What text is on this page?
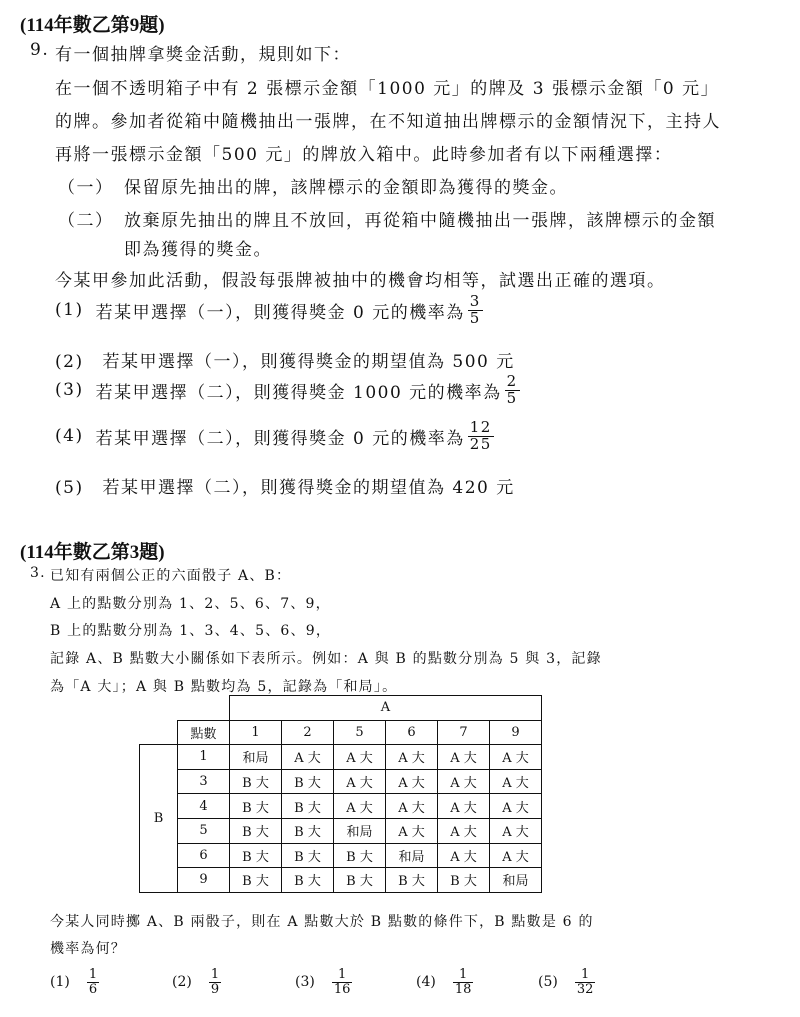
(114年數乙第9題)
9. 有一個抽牌拿獎金活動，規則如下：
在一個不透明箱子中有 2 張標示金額「1000 元」的牌及 3 張標示金額「0 元」
的牌。參加者從箱中隨機抽出一張牌，在不知道抽出牌標示的金額情況下，主持人
再將一張標示金額「500 元」的牌放入箱中。此時參加者有以下兩種選擇：
（一） 保留原先抽出的牌，該牌標示的金額即為獲得的獎金。
（二） 放棄原先抽出的牌且不放回，再從箱中隨機抽出一張牌，該牌標示的金額
即為獲得的獎金。
今某甲參加此活動，假設每張牌被抽中的機會均相等，試選出正確的選項。
(1) 若某甲選擇（一），則獲得獎金 0 元的機率為 $\frac{3}{5}$
(2) 若某甲選擇（一），則獲得獎金的期望值為 500 元
(3) 若某甲選擇（二），則獲得獎金 1000 元的機率為 $\frac{2}{5}$
(4) 若某甲選擇（二），則獲得獎金 0 元的機率為 $\frac{12}{25}$
(5) 若某甲選擇（二），則獲得獎金的期望值為 420 元
(114年數乙第3題)
3. 已知有兩個公正的六面骰子 A、B：
A 上的點數分別為 1、2、5、6、7、9，
B 上的點數分別為 1、3、4、5、6、9，
記錄 A、B 點數大小關係如下表所示。例如：A 與 B 的點數分別為 5 與 3，記錄
為「A 大」；A 與 B 點數均為 5，記錄為「和局」。
		A					
	點數	1	2	5	6	7	9
B	1	和局	A 大	A 大	A 大	A 大	A 大
	3	B 大	B 大	A 大	A 大	A 大	A 大
	4	B 大	B 大	A 大	A 大	A 大	A 大
	5	B 大	B 大	和局	A 大	A 大	A 大
	6	B 大	B 大	B 大	和局	A 大	A 大
	9	B 大	B 大	B 大	B 大	B 大	和局
今某人同時擲 A、B 兩骰子，則在 A 點數大於 B 點數的條件下，B 點數是 6 的
機率為何？
$(1) \frac{1}{6}$	$(2) \frac{1}{9}$	$(3) \frac{1}{16}$	$(4) \frac{1}{18}$	$(5) \frac{1}{32}$
